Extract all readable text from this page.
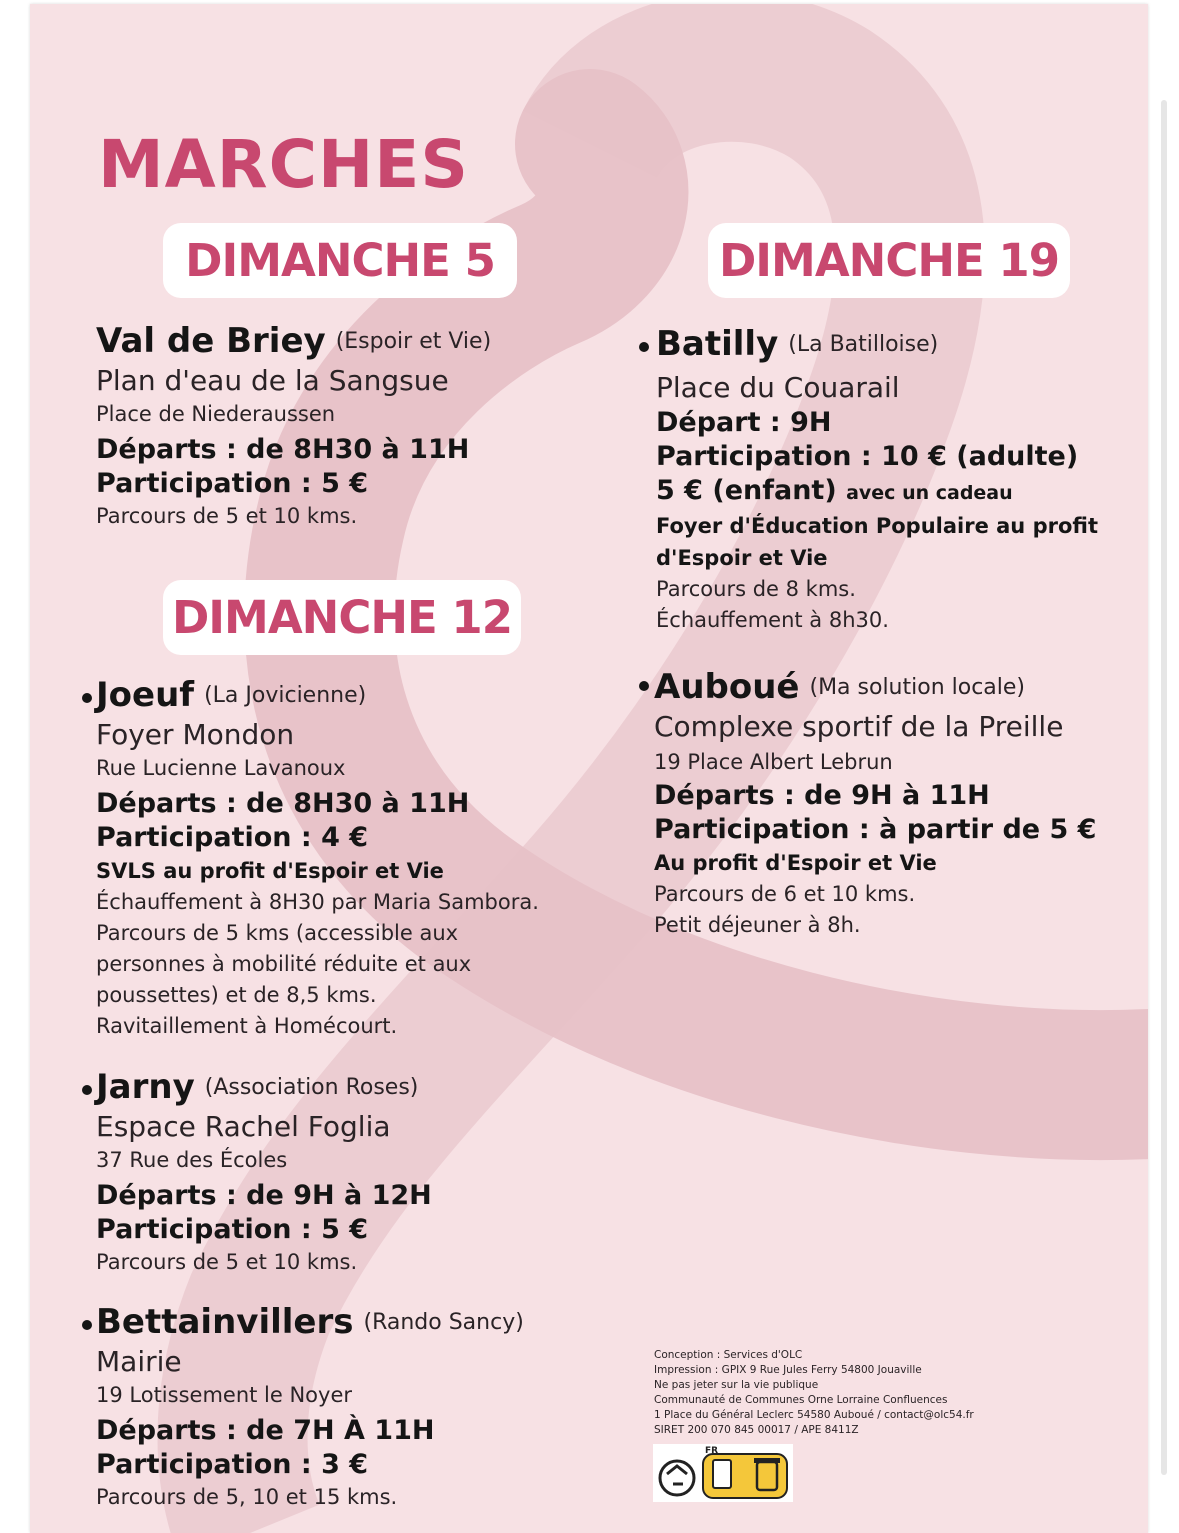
MARCHES
DIMANCHE 5	DIMANCHE 19
DIMANCHE 12
Val de Briey (Espoir et Vie)
Plan d'eau de la Sangsue
Place de Niederaussen
Départs : de 8H30 à 11H
Participation : 5 €
Parcours de 5 et 10 kms.
Joeuf (La Jovicienne)
Foyer Mondon
Rue Lucienne Lavanoux
Départs : de 8H30 à 11H
Participation : 4 €
SVLS au profit d'Espoir et Vie
Échauffement à 8H30 par Maria Sambora.
Parcours de 5 kms (accessible aux
personnes à mobilité réduite et aux
poussettes) et de 8,5 kms.
Ravitaillement à Homécourt.
Jarny (Association Roses)
Espace Rachel Foglia
37 Rue des Écoles
Départs : de 9H à 12H
Participation : 5 €
Parcours de 5 et 10 kms.
Bettainvillers (Rando Sancy)
Mairie
19 Lotissement le Noyer
Départs : de 7H À 11H
Participation : 3 €
Parcours de 5, 10 et 15 kms.
Batilly (La Batilloise)
Place du Couarail
Départ : 9H
Participation : 10 € (adulte)
5 € (enfant) avec un cadeau
Foyer d'Éducation Populaire au profit
d'Espoir et Vie
Parcours de 8 kms.
Échauffement à 8h30.
Auboué (Ma solution locale)
Complexe sportif de la Preille
19 Place Albert Lebrun
Départs : de 9H à 11H
Participation : à partir de 5 €
Au profit d'Espoir et Vie
Parcours de 6 et 10 kms.
Petit déjeuner à 8h.
Conception : Services d'OLC
Impression : GPIX 9 Rue Jules Ferry 54800 Jouaville
Ne pas jeter sur la vie publique
Communauté de Communes Orne Lorraine Confluences
1 Place du Général Leclerc 54580 Auboué / contact@olc54.fr
SIRET 200 070 845 00017 / APE 8411Z
FR
